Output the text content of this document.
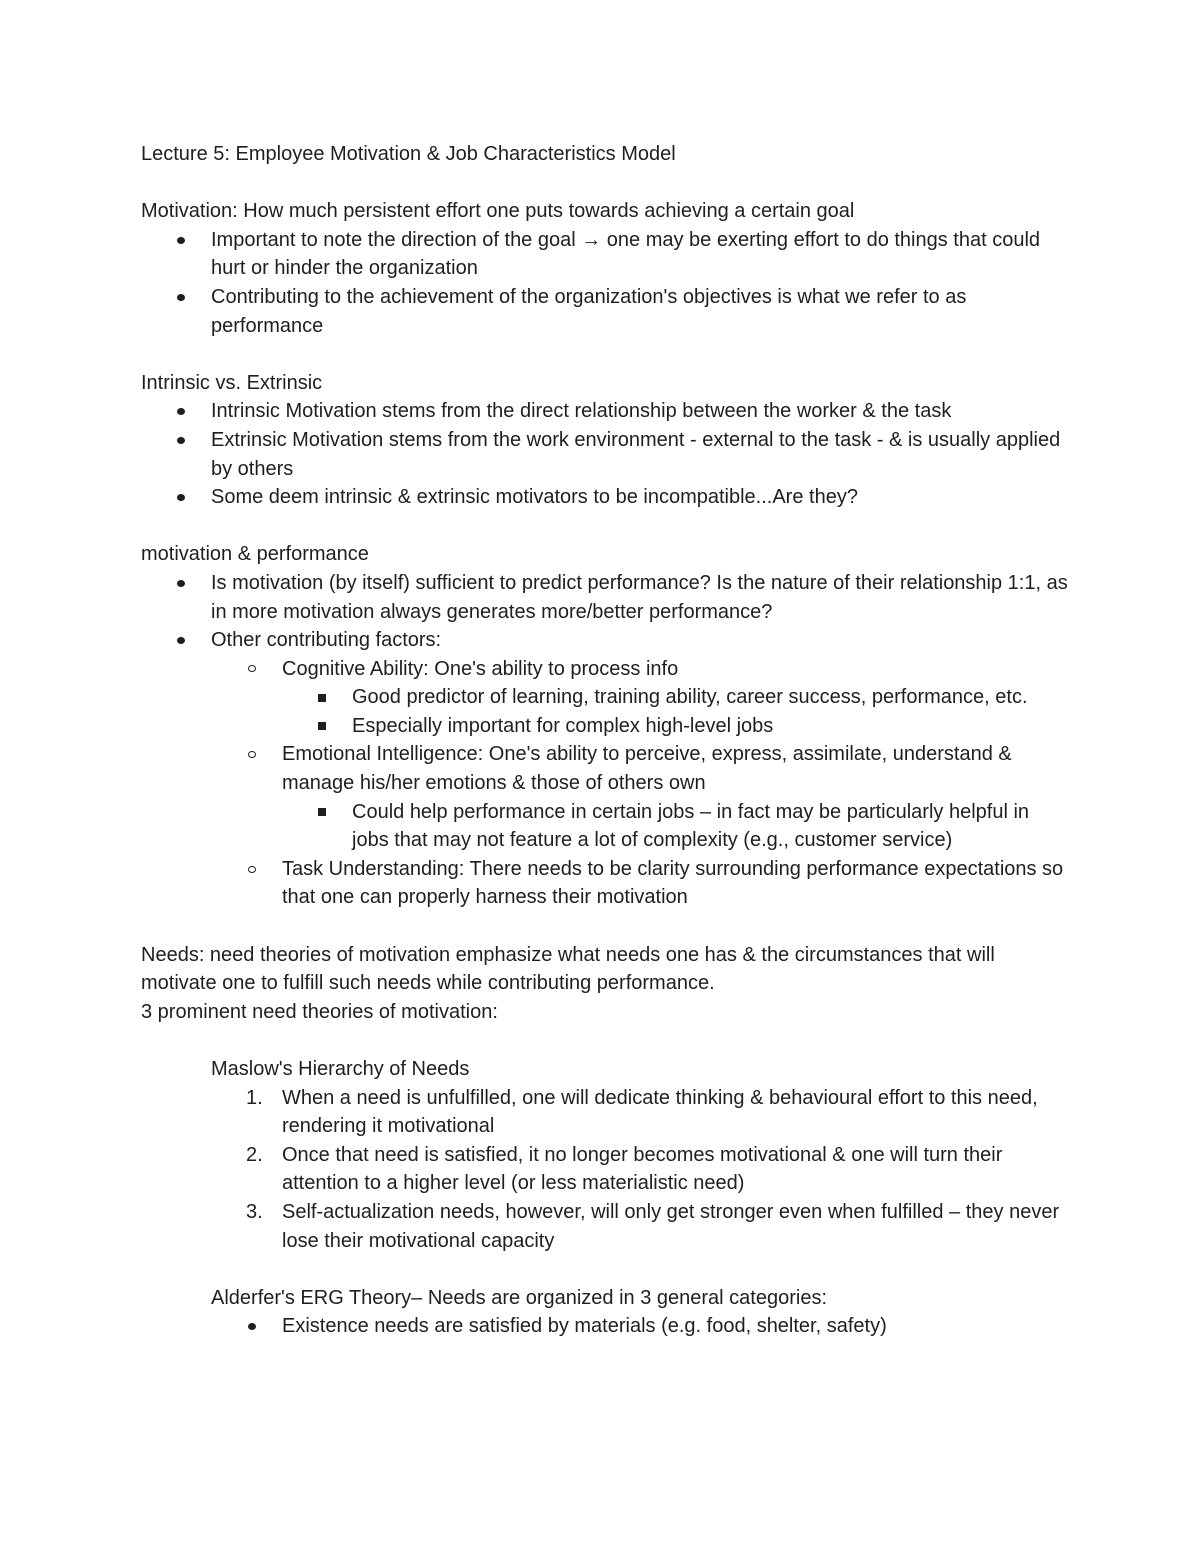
Lecture 5: Employee Motivation & Job Characteristics Model
Motivation: How much persistent effort one puts towards achieving a certain goal
Important to note the direction of the goal → one may be exerting effort to do things that could hurt or hinder the organization
Contributing to the achievement of the organization's objectives is what we refer to as performance
Intrinsic vs. Extrinsic
Intrinsic Motivation stems from the direct relationship between the worker & the task
Extrinsic Motivation stems from the work environment - external to the task - & is usually applied by others
Some deem intrinsic & extrinsic motivators to be incompatible...Are they?
motivation & performance
Is motivation (by itself) sufficient to predict performance? Is the nature of their relationship 1:1, as in more motivation always generates more/better performance?
Other contributing factors:
Cognitive Ability: One's ability to process info
Good predictor of learning, training ability, career success, performance, etc.
Especially important for complex high-level jobs
Emotional Intelligence: One's ability to perceive, express, assimilate, understand & manage his/her emotions & those of others own
Could help performance in certain jobs – in fact may be particularly helpful in jobs that may not feature a lot of complexity (e.g., customer service)
Task Understanding: There needs to be clarity surrounding performance expectations so that one can properly harness their motivation
Needs: need theories of motivation emphasize what needs one has & the circumstances that will motivate one to fulfill such needs while contributing performance.
3 prominent need theories of motivation:
Maslow's Hierarchy of Needs
1. When a need is unfulfilled, one will dedicate thinking & behavioural effort to this need, rendering it motivational
2. Once that need is satisfied, it no longer becomes motivational & one will turn their attention to a higher level (or less materialistic need)
3. Self-actualization needs, however, will only get stronger even when fulfilled – they never lose their motivational capacity
Alderfer's ERG Theory– Needs are organized in 3 general categories:
Existence needs are satisfied by materials (e.g. food, shelter, safety)
